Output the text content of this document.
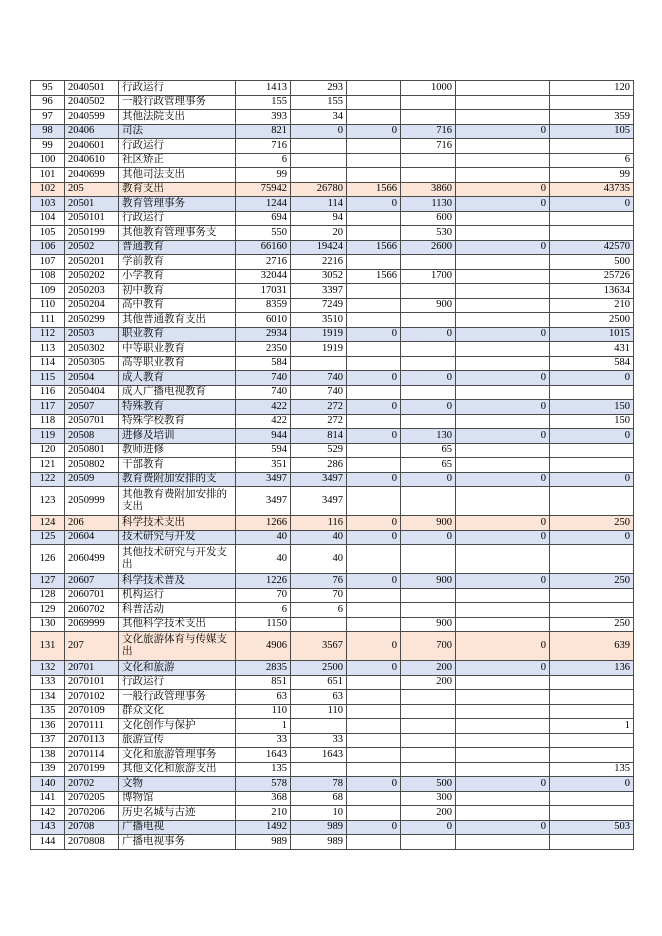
95	2040501	行政运行	1413	293		1000		120
96	2040502	一般行政管理事务	155	155				
97	2040599	其他法院支出	393	34				359
98	20406	司法	821	0	0	716	0	105
99	2040601	行政运行	716			716		
100	2040610	社区矫正	6					6
101	2040699	其他司法支出	99					99
102	205	教育支出	75942	26780	1566	3860	0	43735
103	20501	教育管理事务	1244	114	0	1130	0	0
104	2050101	行政运行	694	94		600		
105	2050199	其他教育管理事务支	550	20		530		
106	20502	普通教育	66160	19424	1566	2600	0	42570
107	2050201	学前教育	2716	2216				500
108	2050202	小学教育	32044	3052	1566	1700		25726
109	2050203	初中教育	17031	3397				13634
110	2050204	高中教育	8359	7249		900		210
111	2050299	其他普通教育支出	6010	3510				2500
112	20503	职业教育	2934	1919	0	0	0	1015
113	2050302	中等职业教育	2350	1919				431
114	2050305	高等职业教育	584					584
115	20504	成人教育	740	740	0	0	0	0
116	2050404	成人广播电视教育	740	740				
117	20507	特殊教育	422	272	0	0	0	150
118	2050701	特殊学校教育	422	272				150
119	20508	进修及培训	944	814	0	130	0	0
120	2050801	教师进修	594	529		65		
121	2050802	干部教育	351	286		65		
122	20509	教育费附加安排的支	3497	3497	0	0	0	0
123	2050999	其他教育费附加安排的支出	3497	3497				
124	206	科学技术支出	1266	116	0	900	0	250
125	20604	技术研究与开发	40	40	0	0	0	0
126	2060499	其他技术研究与开发支出	40	40				
127	20607	科学技术普及	1226	76	0	900	0	250
128	2060701	机构运行	70	70				
129	2060702	科普活动	6	6				
130	2069999	其他科学技术支出	1150			900		250
131	207	文化旅游体育与传媒支出	4906	3567	0	700	0	639
132	20701	文化和旅游	2835	2500	0	200	0	136
133	2070101	行政运行	851	651		200		
134	2070102	一般行政管理事务	63	63				
135	2070109	群众文化	110	110				
136	2070111	文化创作与保护	1					1
137	2070113	旅游宣传	33	33				
138	2070114	文化和旅游管理事务	1643	1643				
139	2070199	其他文化和旅游支出	135					135
140	20702	文物	578	78	0	500	0	0
141	2070205	博物馆	368	68		300		
142	2070206	历史名城与古迹	210	10		200		
143	20708	广播电视	1492	989	0	0	0	503
144	2070808	广播电视事务	989	989				
